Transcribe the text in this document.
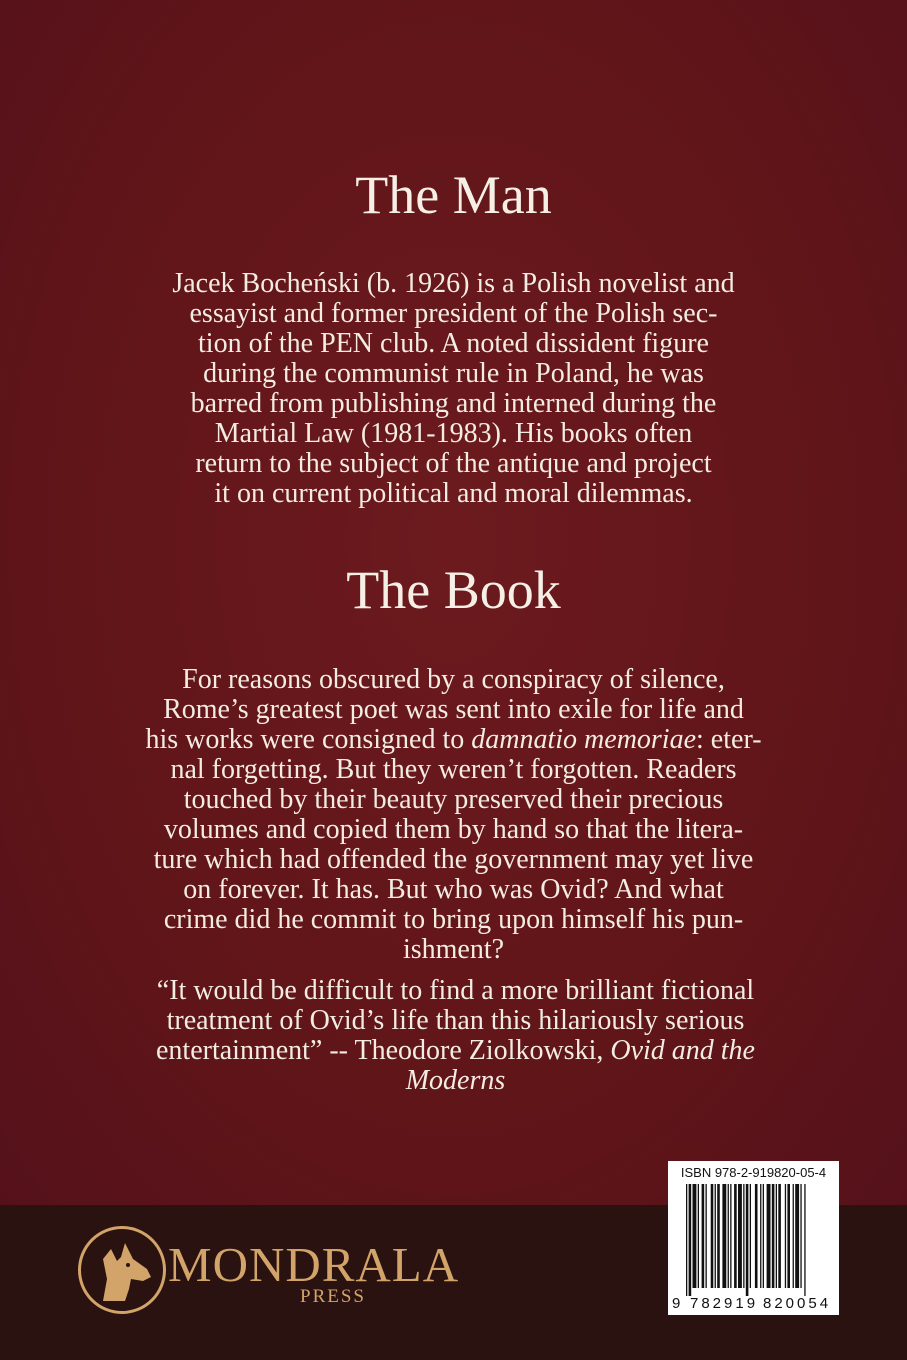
The Man

Jacek Bocheński (b. 1926) is a Polish novelist and
essayist and former president of the Polish sec-
tion of the PEN club. A noted dissident figure
during the communist rule in Poland, he was
barred from publishing and interned during the
Martial Law (1981-1983). His books often
return to the subject of the antique and project
it on current political and moral dilemmas.

The Book

For reasons obscured by a conspiracy of silence,
Rome’s greatest poet was sent into exile for life and
his works were consigned to damnatio memoriae: eter-
nal forgetting. But they weren’t forgotten. Readers
touched by their beauty preserved their precious
volumes and copied them by hand so that the litera-
ture which had offended the government may yet live
on forever. It has. But who was Ovid? And what
crime did he commit to bring upon himself his pun-
ishment?

“It would be difficult to find a more brilliant fictional
treatment of Ovid’s life than this hilariously serious
entertainment” -- Theodore Ziolkowski, Ovid and the
Moderns

MONDRALA

PRESS

ISBN 978-2-919820-05-4
9 782919 820054
